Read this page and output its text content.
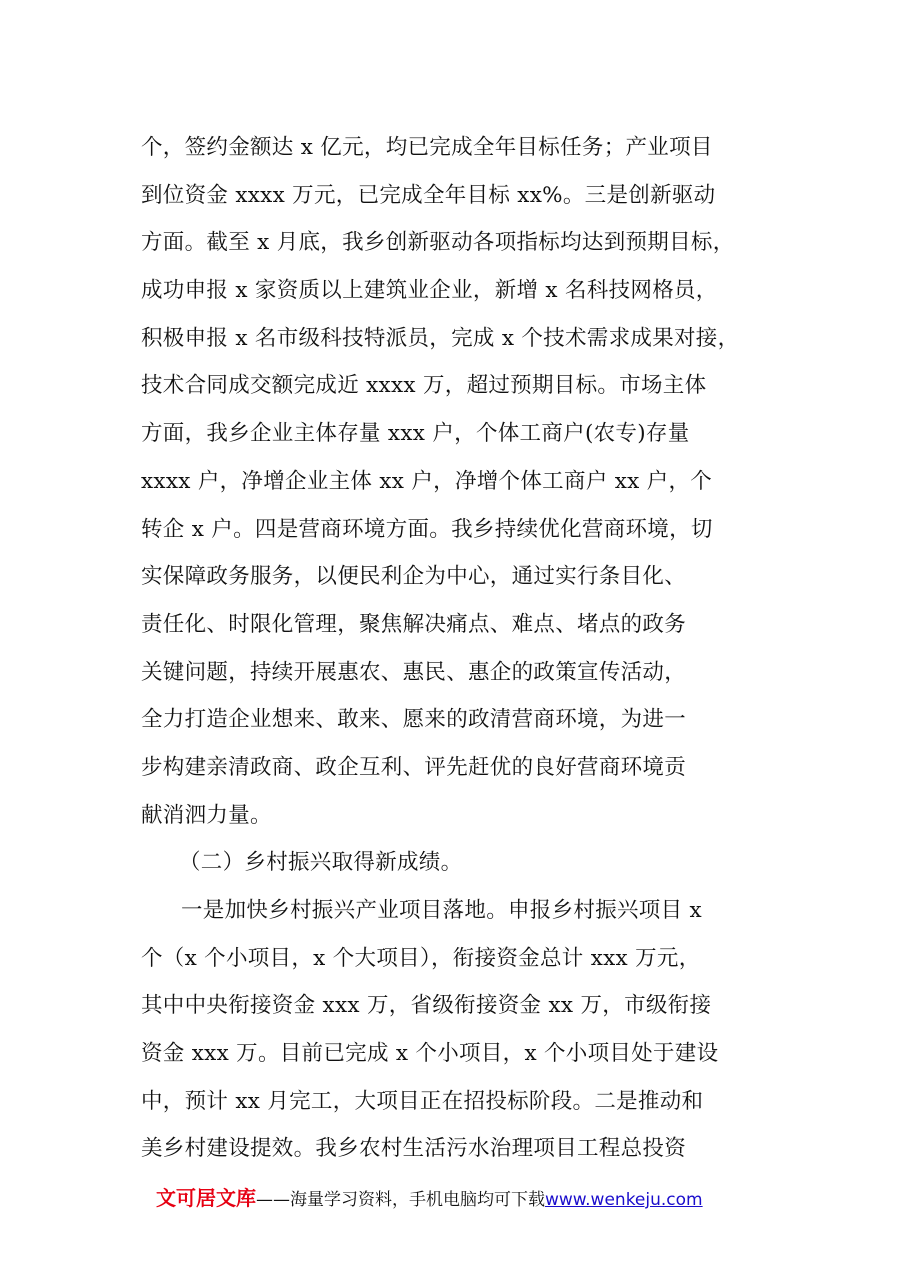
个，签约金额达 x 亿元，均已完成全年目标任务；产业项目
到位资金 xxxx 万元，已完成全年目标 xx%。三是创新驱动
方面。截至 x 月底，我乡创新驱动各项指标均达到预期目标，
成功申报 x 家资质以上建筑业企业，新增 x 名科技网格员，
积极申报 x 名市级科技特派员，完成 x 个技术需求成果对接，
技术合同成交额完成近 xxxx 万，超过预期目标。市场主体
方面，我乡企业主体存量 xxx 户，个体工商户(农专)存量
xxxx 户，净增企业主体 xx 户，净增个体工商户 xx 户，个
转企 x 户。四是营商环境方面。我乡持续优化营商环境，切
实保障政务服务，以便民利企为中心，通过实行条目化、
责任化、时限化管理，聚焦解决痛点、难点、堵点的政务
关键问题，持续开展惠农、惠民、惠企的政策宣传活动，
全力打造企业想来、敢来、愿来的政清营商环境，为进一
步构建亲清政商、政企互利、评先赶优的良好营商环境贡
献消泗力量。
（二）乡村振兴取得新成绩。
一是加快乡村振兴产业项目落地。申报乡村振兴项目 x
个（x 个小项目，x 个大项目），衔接资金总计 xxx 万元，
其中中央衔接资金 xxx 万，省级衔接资金 xx 万，市级衔接
资金 xxx 万。目前已完成 x 个小项目，x 个小项目处于建设
中，预计 xx 月完工，大项目正在招投标阶段。二是推动和
美乡村建设提效。我乡农村生活污水治理项目工程总投资
文可居文库——海量学习资料，手机电脑均可下载www.wenkeju.com
